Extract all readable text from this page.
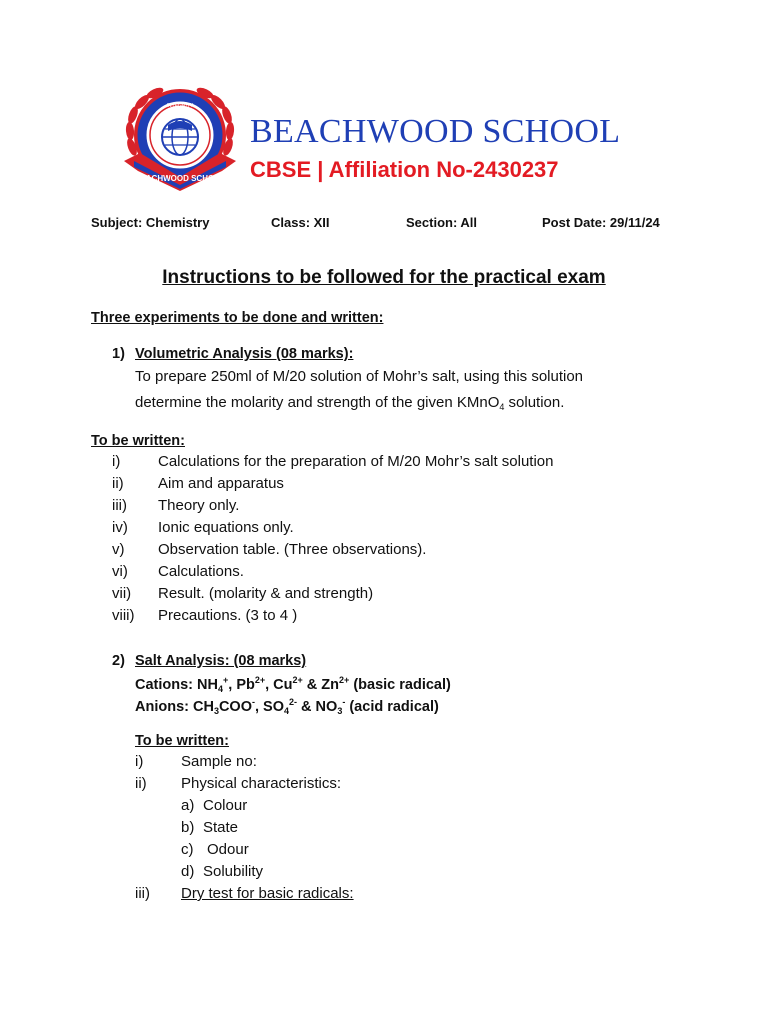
BEACHWOOD SCHOOL
INTEGRITY
BEACHWOOD SCHOOL
CBSE | Affiliation No-2430237
Subject: Chemistry	Class: XII	Section: All	Post Date: 29/11/24
Instructions to be followed for the practical exam
Three experiments to be done and written:
1) Volumetric Analysis (08 marks):
To prepare 250ml of M/20 solution of Mohr’s salt, using this solution
determine the molarity and strength of the given KMnO$_4$ solution.
To be written:
i)	Calculations for the preparation of M/20 Mohr’s salt solution
ii) Aim and apparatus
iii) Theory only.
iv) Ionic equations only.
v) Observation table. (Three observations).
vi) Calculations.
vii) Result. (molarity & and strength)
viii) Precautions. (3 to 4 )
2) Salt Analysis: (08 marks)
Cations: $NH_4^+$, $Pb^{2+}$, $Cu^{2+}$ & $Zn^{2+}$ (basic radical)
Anions: $CH_3COO^-$, $SO_4^{2-}$ & $NO_3^-$ (acid radical)
To be written:
i)	Sample no:
ii) Physical characteristics:
a) Colour
b) State
c) Odour
d) Solubility
iii) Dry test for basic radicals:
